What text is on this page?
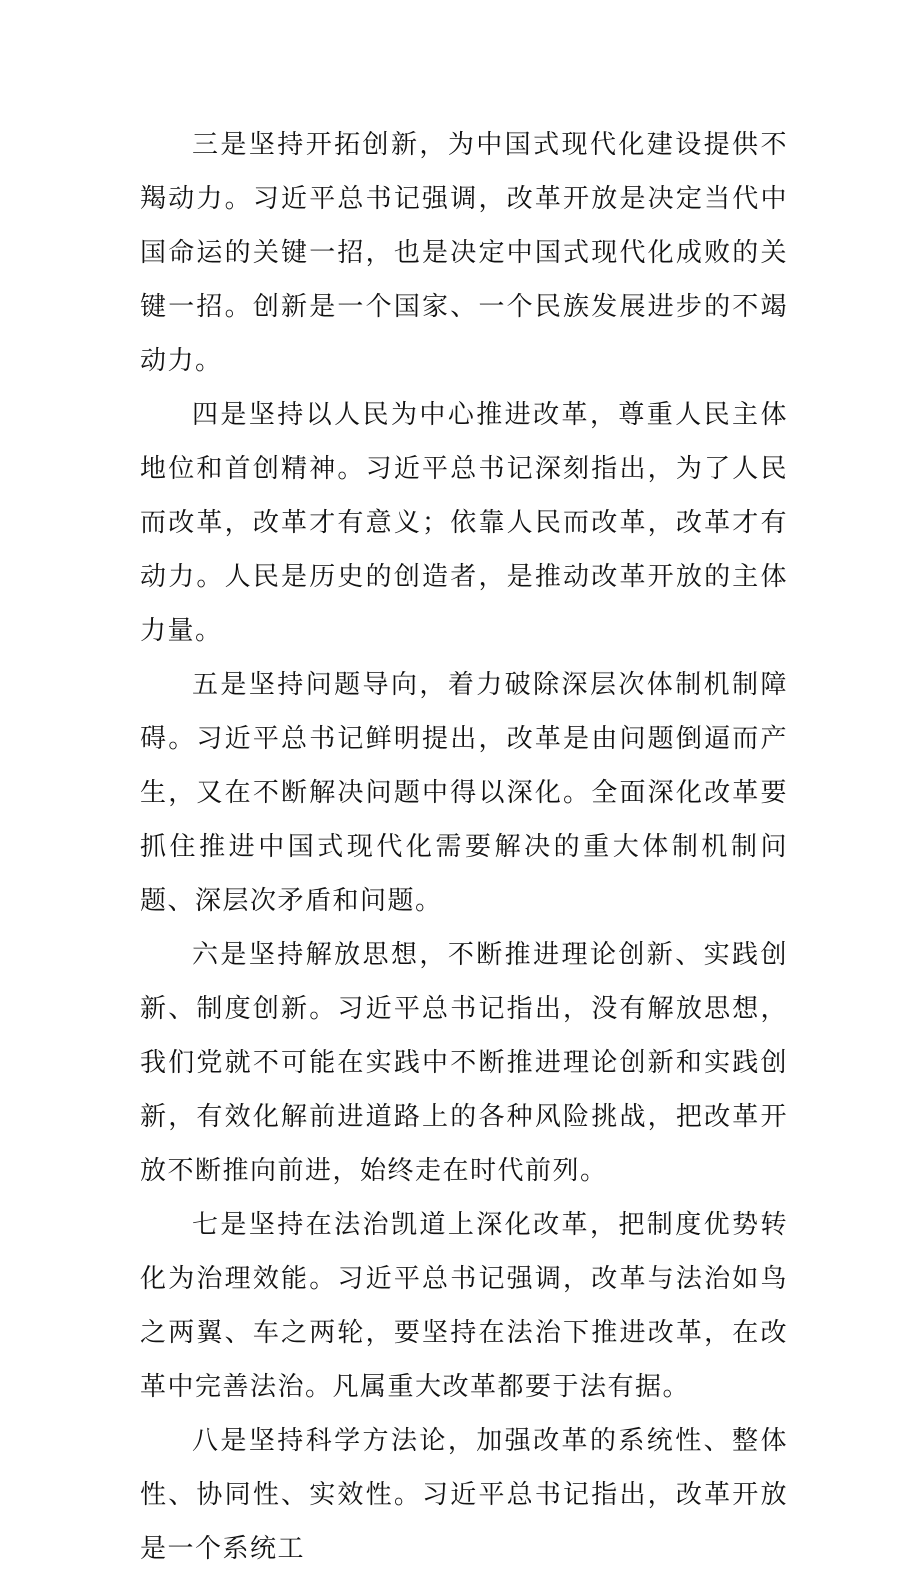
三是坚持开拓创新，为中国式现代化建设提供不羯动力。习近平总书记强调，改革开放是决定当代中国命运的关键一招，也是决定中国式现代化成败的关键一招。创新是一个国家、一个民族发展进步的不竭动力。

四是坚持以人民为中心推进改革，尊重人民主体地位和首创精神。习近平总书记深刻指出，为了人民而改革，改革才有意义；依靠人民而改革，改革才有动力。人民是历史的创造者，是推动改革开放的主体力量。

五是坚持问题导向，着力破除深层次体制机制障碍。习近平总书记鲜明提出，改革是由问题倒逼而产生，又在不断解决问题中得以深化。全面深化改革要抓住推进中国式现代化需要解决的重大体制机制问题、深层次矛盾和问题。

六是坚持解放思想，不断推进理论创新、实践创新、制度创新。习近平总书记指出，没有解放思想，我们党就不可能在实践中不断推进理论创新和实践创新，有效化解前进道路上的各种风险挑战，把改革开放不断推向前进，始终走在时代前列。

七是坚持在法治凯道上深化改革，把制度优势转化为治理效能。习近平总书记强调，改革与法治如鸟之两翼、车之两轮，要坚持在法治下推进改革，在改革中完善法治。凡属重大改革都要于法有据。

八是坚持科学方法论，加强改革的系统性、整体性、协同性、实效性。习近平总书记指出，改革开放是一个系统工
